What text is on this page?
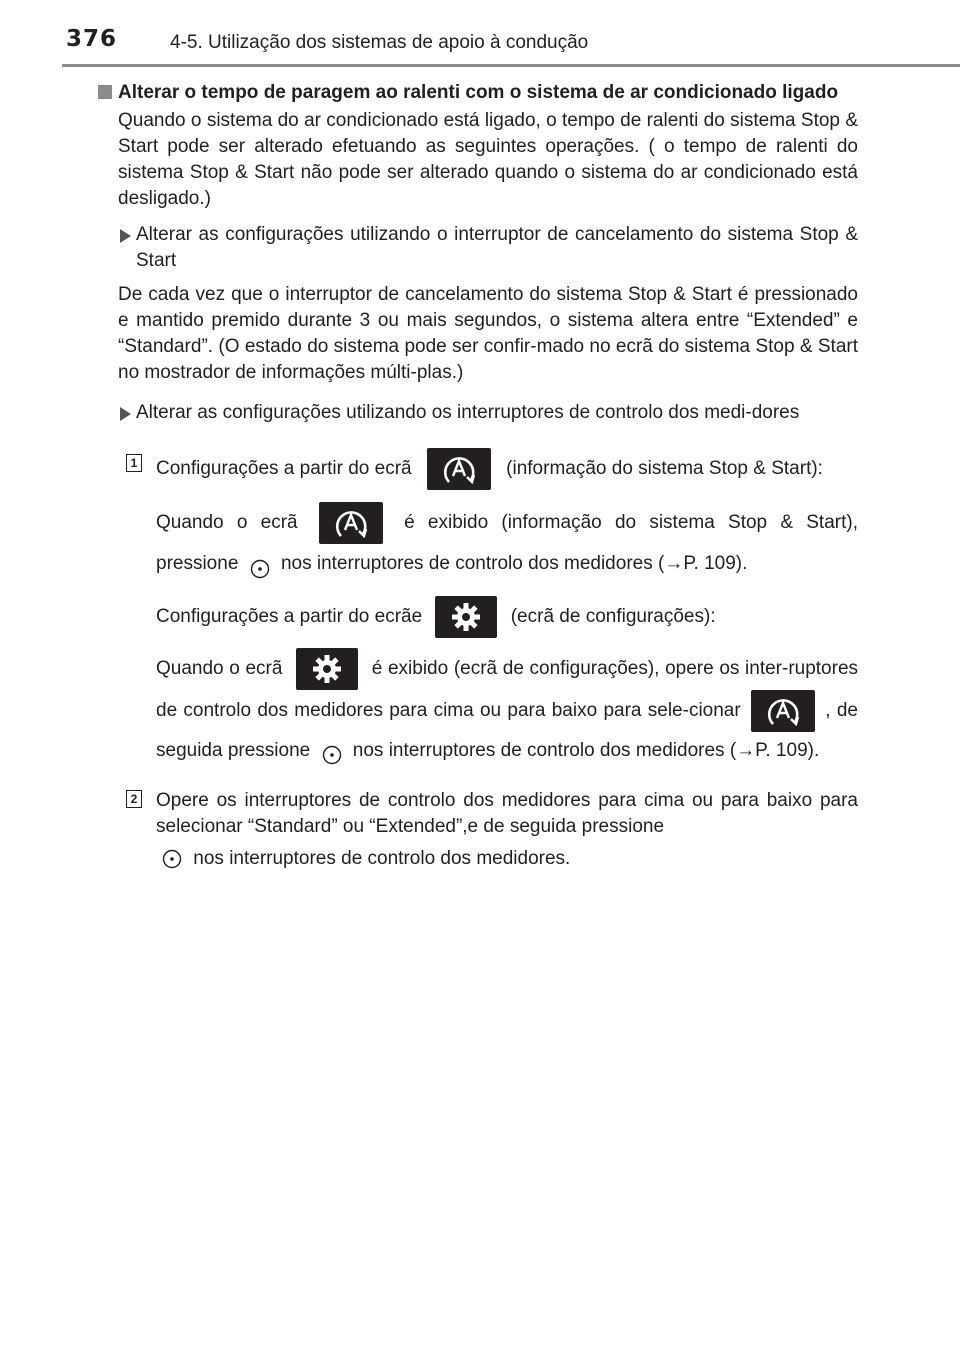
376	4-5. Utilização dos sistemas de apoio à condução

Alterar o tempo de paragem ao ralenti com o sistema de ar condicionado ligado

Quando o sistema do ar condicionado está ligado, o tempo de ralenti do sistema Stop & Start pode ser alterado efetuando as seguintes operações. ( o tempo de ralenti do sistema Stop & Start não pode ser alterado quando o sistema do ar condicionado está desligado.)

Alterar as configurações utilizando o interruptor de cancelamento do sistema Stop & Start

De cada vez que o interruptor de cancelamento do sistema Stop & Start é pressionado e mantido premido durante 3 ou mais segundos, o sistema altera entre “Extended” e “Standard”. (O estado do sistema pode ser confir-mado no ecrã do sistema Stop & Start no mostrador de informações múlti-plas.)

Alterar as configurações utilizando os interruptores de controlo dos medi-dores
1 Configurações a partir do ecrã	(informação do sistema Stop & Start):
Quando o ecrã	é exibido (informação do sistema Stop & Start), pressione nos interruptores de controlo dos medidores (→P. 109).
Configurações a partir do ecrãe	(ecrã de configurações):
Quando o ecrã	é exibido (ecrã de configurações), opere os inter-ruptores de controlo dos medidores para cima ou para baixo para sele-cionar	, de seguida pressione nos interruptores de controlo dos medidores (→P. 109).
2 Opere os interruptores de controlo dos medidores para cima ou para baixo para selecionar “Standard” ou “Extended”,e de seguida pressione
nos interruptores de controlo dos medidores.
